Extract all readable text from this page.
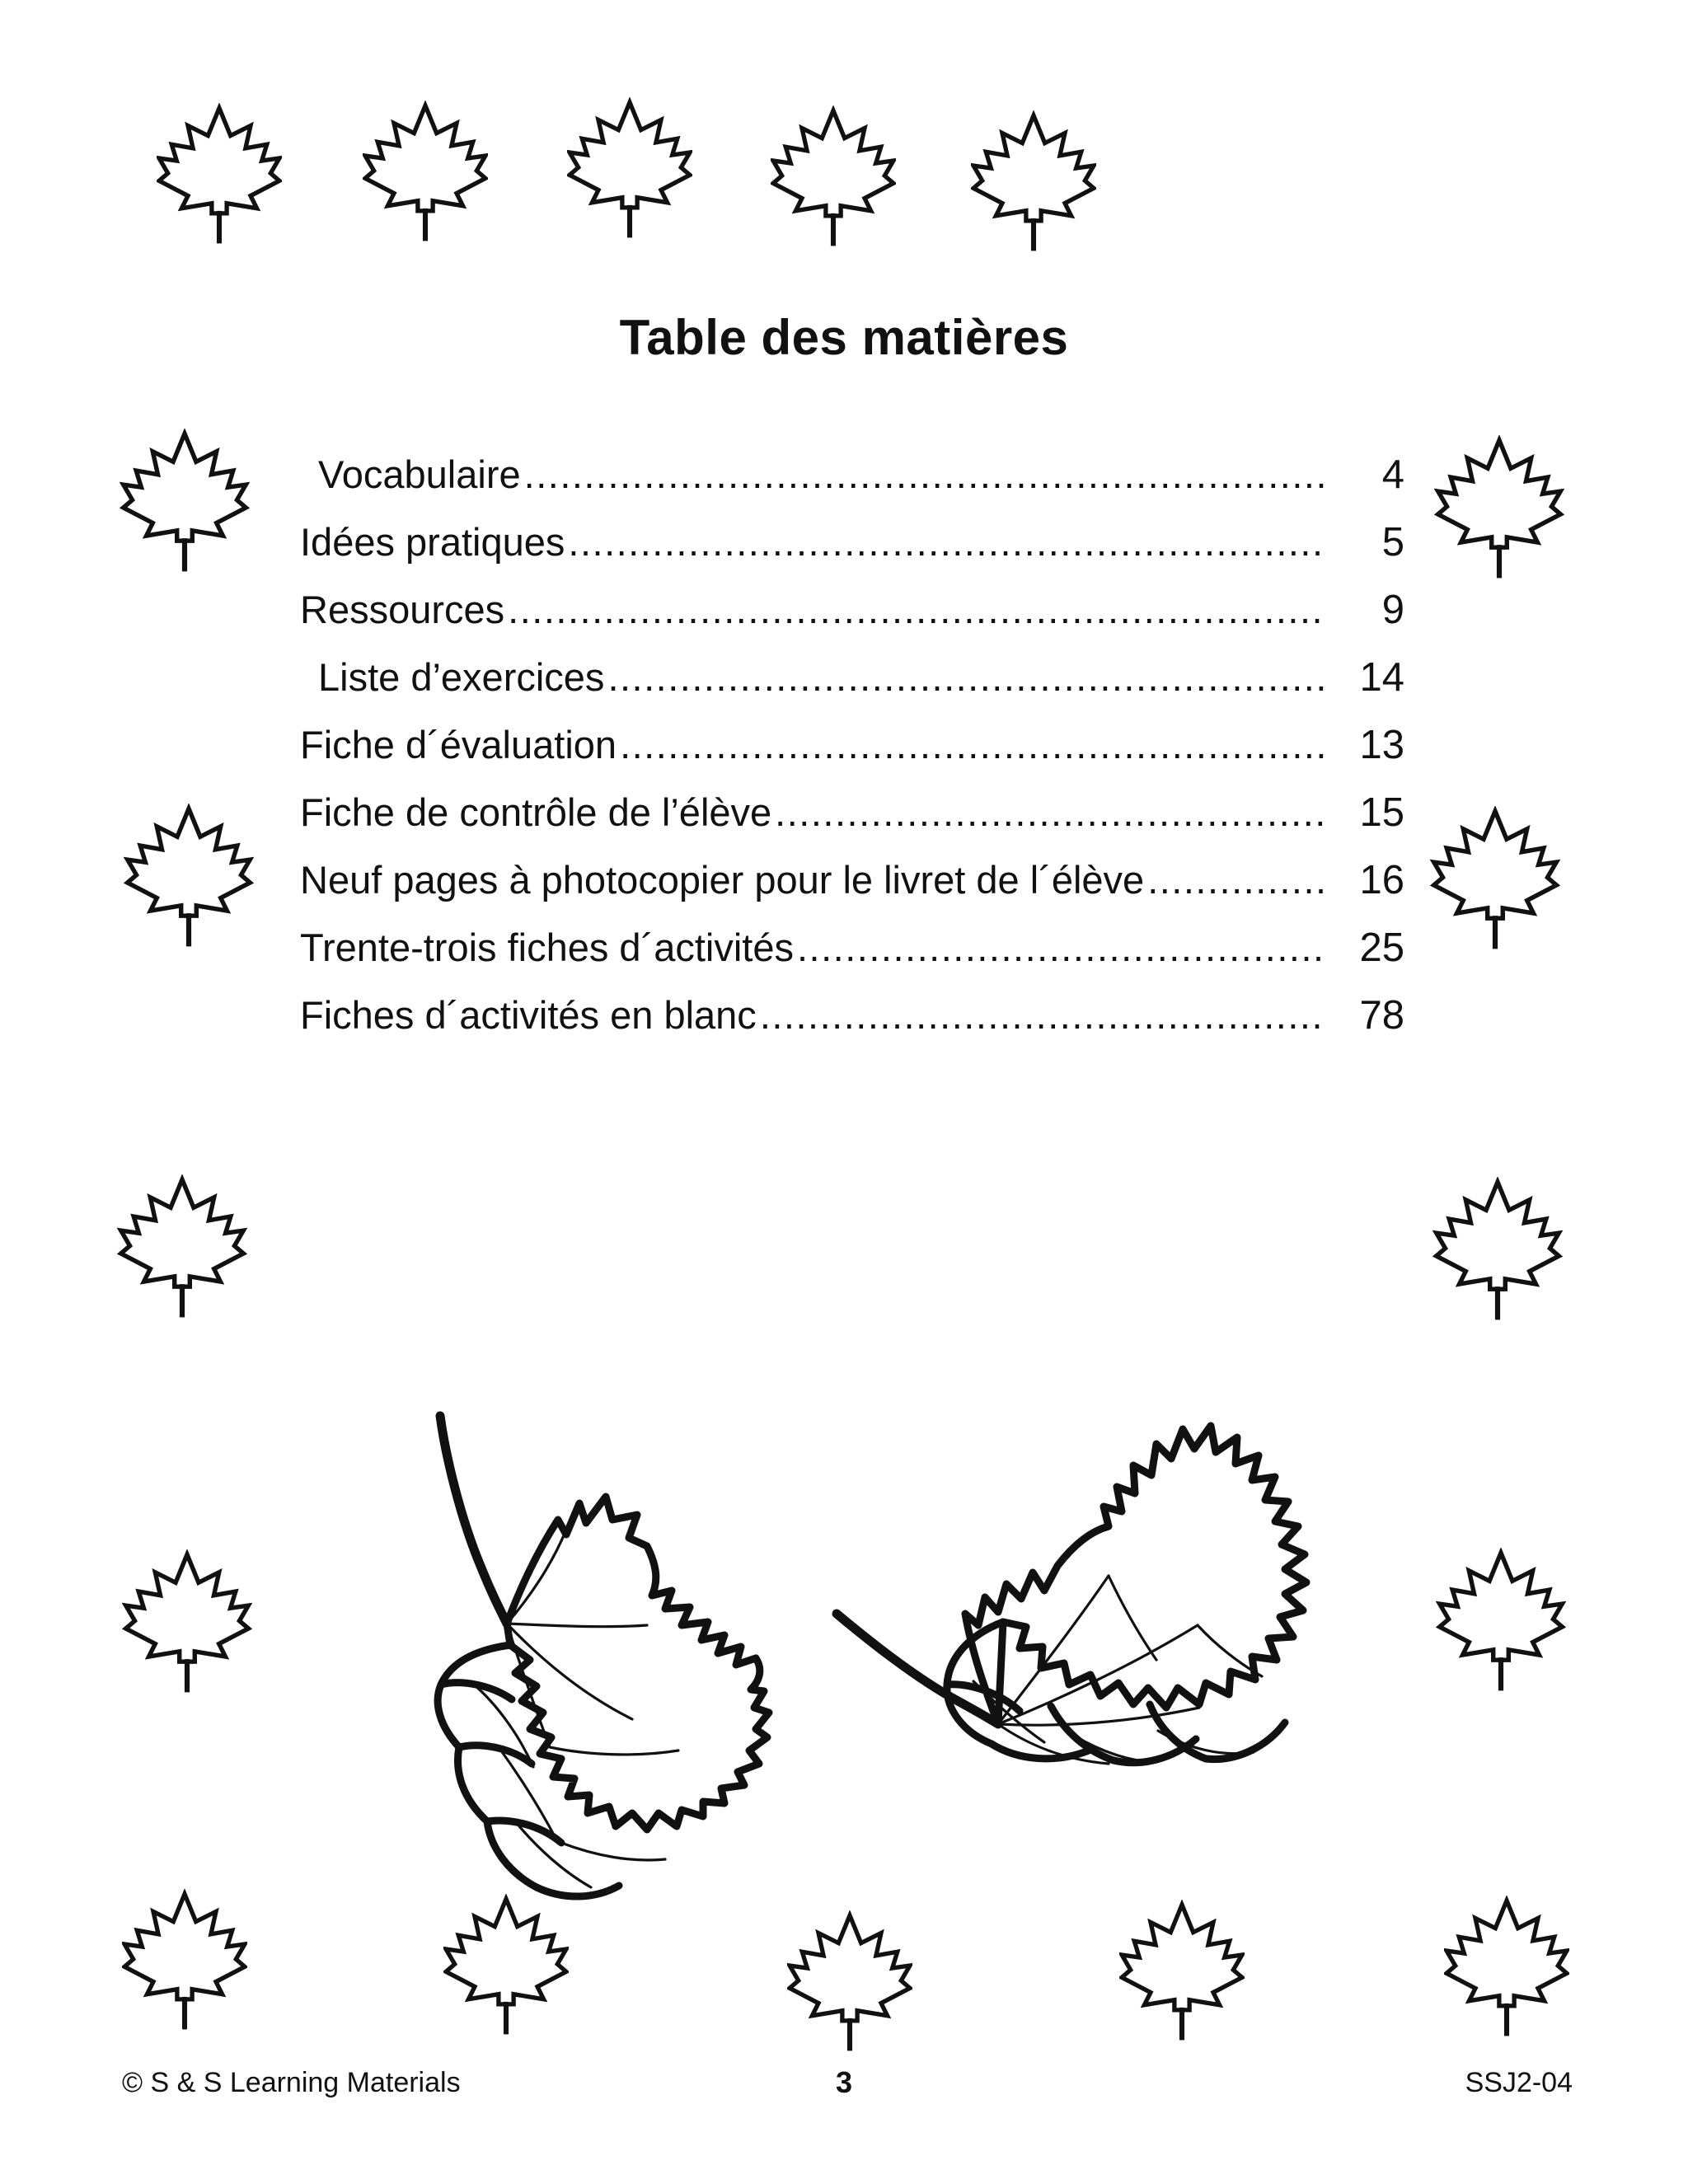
Table des matières
Vocabulaire .....	4
Idées pratiques .....	5
Ressources .....	9
Liste d’exercices .....	14
Fiche d´évaluation .....	13
Fiche de contrôle de l’élève .....	15
Neuf pages à photocopier pour le livret de l´élève .....	16
Trente-trois fiches d´activités .....	25
Fiches d´activités en blanc .....	78
© S & S Learning Materials	3	SSJ2-04
